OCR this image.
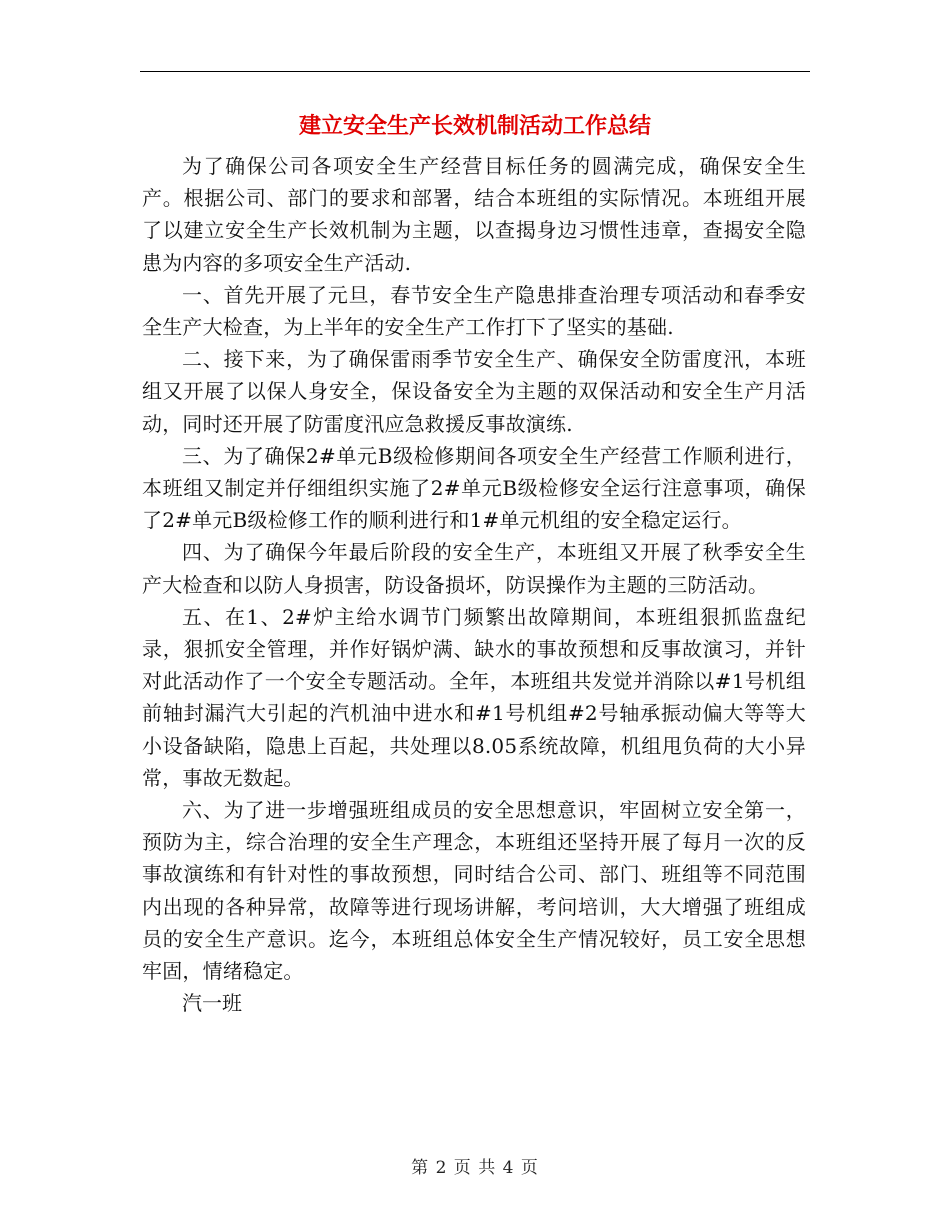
建立安全生产长效机制活动工作总结

为了确保公司各项安全生产经营目标任务的圆满完成，确保安全生产。根据公司、部门的要求和部署，结合本班组的实际情况。本班组开展了以建立安全生产长效机制为主题，以查揭身边习惯性违章，查揭安全隐患为内容的多项安全生产活动.

一、首先开展了元旦，春节安全生产隐患排查治理专项活动和春季安全生产大检查，为上半年的安全生产工作打下了坚实的基础.

二、接下来，为了确保雷雨季节安全生产、确保安全防雷度汛，本班组又开展了以保人身安全，保设备安全为主题的双保活动和安全生产月活动，同时还开展了防雷度汛应急救援反事故演练.

三、为了确保2#单元B级检修期间各项安全生产经营工作顺利进行，本班组又制定并仔细组织实施了2#单元B级检修安全运行注意事项，确保了2#单元B级检修工作的顺利进行和1#单元机组的安全稳定运行。

四、为了确保今年最后阶段的安全生产，本班组又开展了秋季安全生产大检查和以防人身损害，防设备损坏，防误操作为主题的三防活动。

五、在1、2#炉主给水调节门频繁出故障期间，本班组狠抓监盘纪录，狠抓安全管理，并作好锅炉满、缺水的事故预想和反事故演习，并针对此活动作了一个安全专题活动。全年，本班组共发觉并消除以#1号机组前轴封漏汽大引起的汽机油中进水和#1号机组#2号轴承振动偏大等等大小设备缺陷，隐患上百起，共处理以8.05系统故障，机组甩负荷的大小异常，事故无数起。

六、为了进一步增强班组成员的安全思想意识，牢固树立安全第一，预防为主，综合治理的安全生产理念，本班组还坚持开展了每月一次的反事故演练和有针对性的事故预想，同时结合公司、部门、班组等不同范围内出现的各种异常，故障等进行现场讲解，考问培训，大大增强了班组成员的安全生产意识。迄今，本班组总体安全生产情况较好，员工安全思想牢固，情绪稳定。

汽一班

第 2 页 共 4 页
